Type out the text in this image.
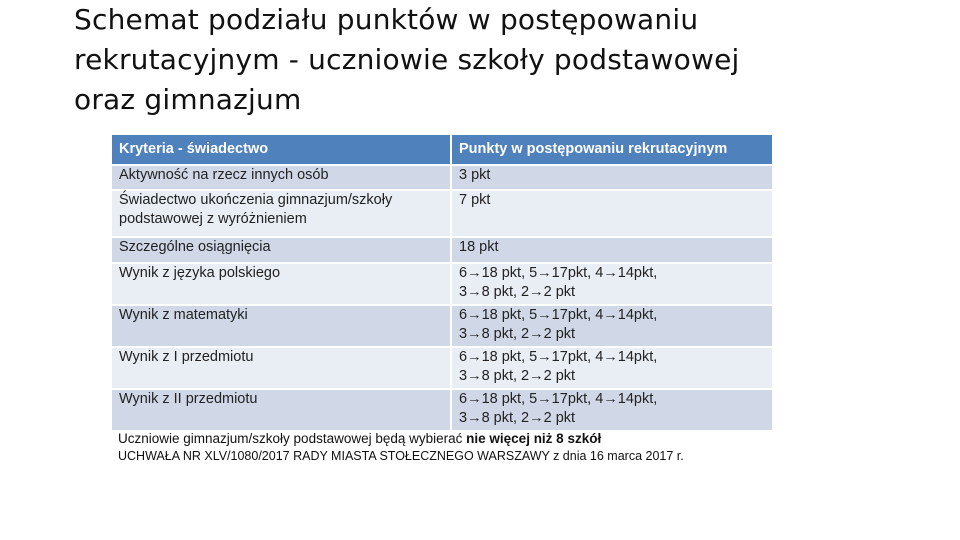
Schemat podziału punktów w postępowaniu
rekrutacyjnym - uczniowie szkoły podstawowej
oraz gimnazjum
Kryteria - świadectwo	Punkty w postępowaniu rekrutacyjnym
Aktywność na rzecz innych osób	3 pkt
Świadectwo ukończenia gimnazjum/szkoły podstawowej z wyróżnieniem	7 pkt
Szczególne osiągnięcia	18 pkt
Wynik z języka polskiego	6→18 pkt, 5→17pkt, 4→14pkt,
3→8 pkt, 2→2 pkt
Wynik z matematyki	6→18 pkt, 5→17pkt, 4→14pkt,
3→8 pkt, 2→2 pkt
Wynik z I przedmiotu	6→18 pkt, 5→17pkt, 4→14pkt,
3→8 pkt, 2→2 pkt
Wynik z II przedmiotu	6→18 pkt, 5→17pkt, 4→14pkt,
3→8 pkt, 2→2 pkt
Uczniowie gimnazjum/szkoły podstawowej będą wybierać nie więcej niż 8 szkół
UCHWAŁA NR XLV/1080/2017 RADY MIASTA STOŁECZNEGO WARSZAWY z dnia 16 marca 2017 r.
